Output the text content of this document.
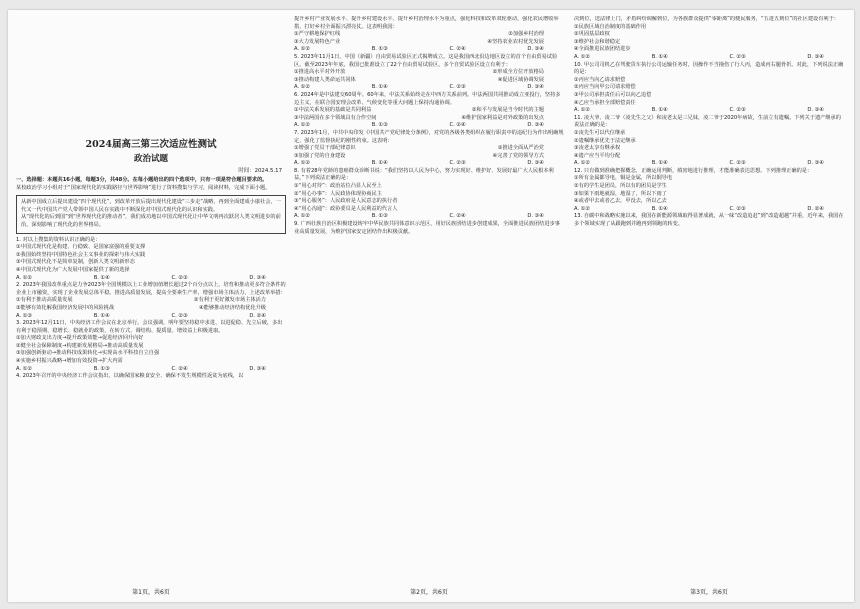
2024届高三第三次适应性测试
政治试题
时间：2024.5.17

一、选择题：本题共16小题，每题3分，共48分。在每小题给出的四个选项中，只有一项是符合题目要求的。

某校政治学习小组对于“国家现代化的实践路径与世界影响”进行了资料搜集与学习，阅读材料，完成下面小题。

从新中国成立后提出建设“四个现代化”，到改革开放后提出现代化建设“三步走”战略，再到全面建成小康社会，一代又一代中国共产党人带领中国人民在实践中不断深化对中国式现代化的认识和实践。

从“现代化的后到国”到“世界现代化的推动者”，我们成功地以中国式现代化让中华文明再次跃居人类文明进步的前沿，深刻影响了现代化的世界格局。

1. 对以上搜集的资料认识正确的是：

①中国式现代化是构建、行稳致、是国家富强的重要支撑

②我国始终坚持中国特色社会主义事业的探索与伟大实践

③中国式现代化不是简单复制，创新人类文明新形态

④中国式现代化为广大发展中国家提供了新的选择

A. ①②	B. ①④	C. ②③	D. ③④

2. 2023年我国改革重点是力争2023年全国规模以上工业增加值增长超过2个百分点以上，培育和推动更多符合条件的企业上市融资，实现了企业发展总体平稳。推进高质量发展，提高全要素生产率，增强市场主体活力，上述改革举措：

①有利于推动高质量发展	②有利于更好激发市场主体活力
③能够有效化解我国经济发展中的风险挑战	④能够推动经济结构优化升级
A. ①③	B. ①④	C. ②③	D. ②④

3. 2023年12月11日，中央经济工作会议在北京举行。会议强调，明年要坚持稳中求进、以进促稳、先立后破，多出有利于稳预期、稳增长、稳就业的政策，在转方式、调结构、提质量、增效益上积极进取。

①加大财政支出力度→提升政策效能→促进经济回升向好

②健全社会保障制度→构建新发展格局→推动高质量发展

③加强创新驱动→推动科技成果转化→实现高水平科技自立自强

④实施乡村振兴战略→增加有效投资→扩大内需

A. ①②	B. ①③	C. ②④	D. ③④

4. 2023年召开的中央经济工作会议指出，以确保国家粮食安全、确保不发生规模性返贫为底线，以

提升乡村产业发展水平、提升乡村建设水平、提升乡村治理水平为重点，强化科技和改革双轮驱动，强化农民增收举措，打好乡村全面振兴漂亮仗。这表明我国：

①严守耕地保护红线	②加强乡村治理
③大力发展特色产业	④坚持农业农村优先发展
A. ①②	B. ①③	C. ②④	D. ③④

5. 2023年11月1日，中国（新疆）自由贸易试验区正式揭牌成立。这是我国西北沿边地区设立的首个自由贸易试验区。截至2023年年底，我国已批准设立了22个自由贸易试验区，多个自贸试验区设立有利于：

①推进高水平对外开放	②形成全方位开放格局
③推动构建人类命运共同体	④促进区域协调发展
A. ①②	B. ①④	C. ②③	D. ③④

6. 2024年是中法建交60周年。60年来，中法关系始终走在中西方关系前列。中法两国共同推动成立亚投行，坚持多边主义，在联合国安理会改革、气候变化等重大问题上保持沟通协调。

①中法关系发展的基础是共同利益	②和平与发展是当今时代的主题
③中法两国在多个领域具有合作空间	④维护国家利益是对外政策的出发点
A. ①②	B. ①③	C. ②④	D. ③④

7. 2023年1月，中共中央印发《中国共产党纪律处分条例》，对党的各级各类组织在履行职责中的违纪行为作出明确规定，强化了监督执纪的刚性约束。这表明：

①增强了党员干部纪律意识	②推进全面从严治党
③加强了党的自身建设	④完善了党的领导方式
A. ①②	B. ①④	C. ②③	D. ③④

8. 有着28年党龄的患癌群众诊断书说：“我们坚持以人民为中心，努力实现好、维护好、发展好最广大人民根本利益。”下列说法正确的是：

①“用心对待”：政治站位凸显人民至上

②“用心办事”：人民政协体现协商民主

③“用心服务”：人民政府是人民意志的执行者

④“用心沟通”：政协委员是人民利益的代言人

A. ①②	B. ①③	C. ②④	D. ③④

9. 广西壮族自治区积极建设铸牢中华民族共同体意识示范区，用好民族团结进步创建成果，全面推进民族团结进步事业高质量发展，为维护国家安定团结作出积极贡献。

决到位，送法律上门，矛盾纠纷调解到位，为各族群众提供“零距离”的便民服务，“五进五到位”的社区建设有利于：

①民族区域自治制度的基础作用

②巩固基层政权

③维护社会和谐稳定

④全面推进民族团结进步

A. ①②	B. ①④	C. ②③	D. ③④

10. 甲公司司机乙在驾驶货车执行公司运输任务时，因操作不当撞伤了行人丙，造成丙右腿骨折。对此，下列说法正确的是：

①丙应当向乙请求赔偿

②丙应当向甲公司请求赔偿

③甲公司承担责任后可以向乙追偿

④乙应当承担全部赔偿责任

A. ①②	B. ①④	C. ②③	D. ③④

11. 凌大爷、凌二爷（凌先生之父）和凌老太是三兄妹，凌二爷于2020年病故，生前立有遗嘱。下列关于遗产继承的说法正确的是：

①凌先生可以代位继承

②遗嘱继承优先于法定继承

③凌老太享有继承权

④遗产应当平均分配

A. ①②	B. ①④	C. ②③	D. ③④

12. 只有做到准确把握概念，正确运用判断，缜密地进行推理，才能准确表达思想。下列推理正确的是：

①所有金属都导电，铜是金属，所以铜导电

②有的学生是团员，所以有的团员是学生

③如果下雨地就湿，地湿了，所以下雨了

④或者甲去或者乙去，甲没去，所以乙去

A. ①②	B. ①④	C. ②③	D. ②④

13. 自碳中和战略实施以来，我国在新能源领域取得显著成就，从一味“改造追赶”到“改造超越”并重，近年来，我国在多个领域实现了从跟跑到并跑再到领跑的转变。

第1页，共6页	第2页，共6页	第3页，共6页
